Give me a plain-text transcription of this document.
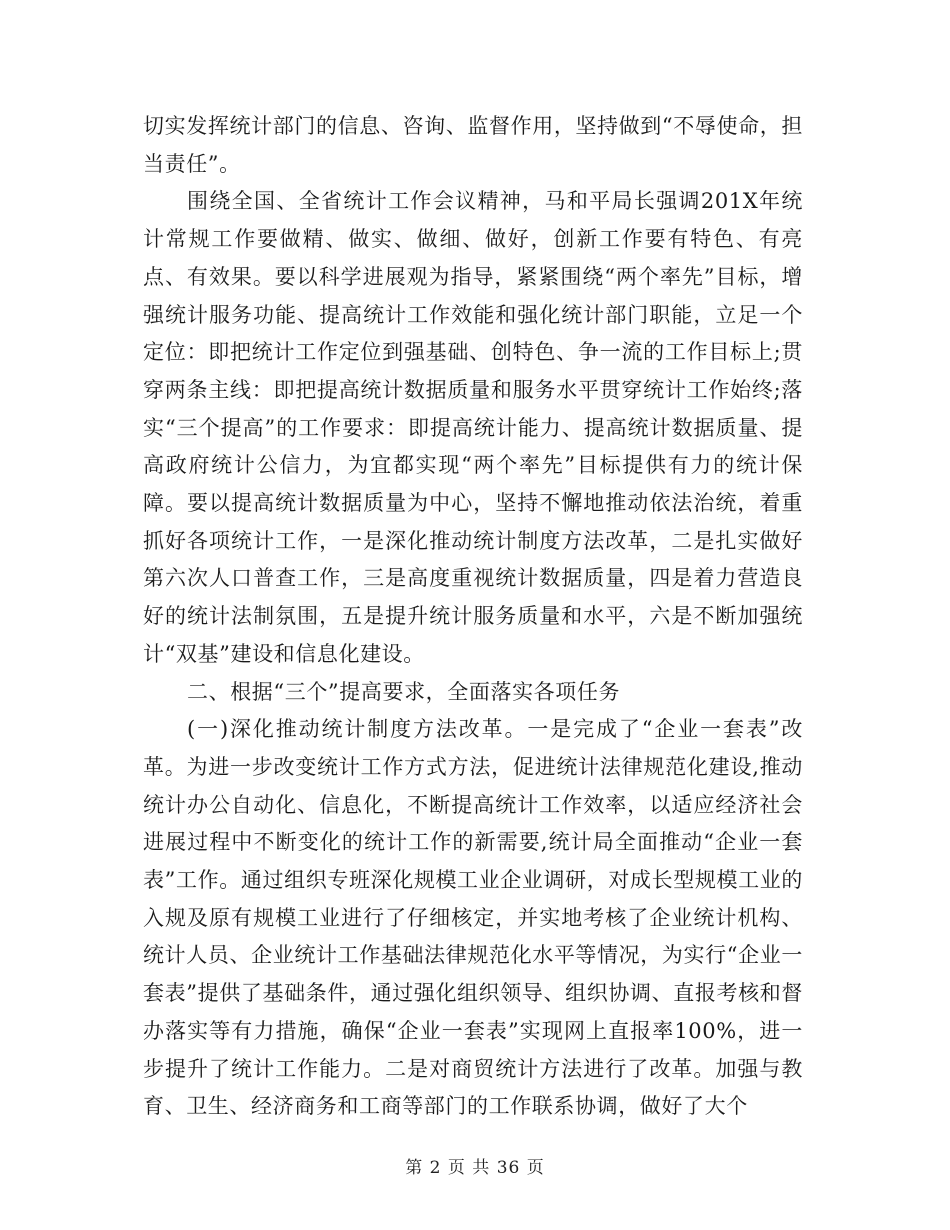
切实发挥统计部门的信息、咨询、监督作用，坚持做到“不辱使命，担当责任”。

围绕全国、全省统计工作会议精神，马和平局长强调201X年统计常规工作要做精、做实、做细、做好，创新工作要有特色、有亮点、有效果。要以科学进展观为指导，紧紧围绕“两个率先”目标，增强统计服务功能、提高统计工作效能和强化统计部门职能，立足一个定位：即把统计工作定位到强基础、创特色、争一流的工作目标上;贯穿两条主线：即把提高统计数据质量和服务水平贯穿统计工作始终;落实“三个提高”的工作要求：即提高统计能力、提高统计数据质量、提高政府统计公信力，为宜都实现“两个率先”目标提供有力的统计保障。要以提高统计数据质量为中心，坚持不懈地推动依法治统，着重抓好各项统计工作，一是深化推动统计制度方法改革，二是扎实做好第六次人口普查工作，三是高度重视统计数据质量，四是着力营造良好的统计法制氛围，五是提升统计服务质量和水平，六是不断加强统计“双基”建设和信息化建设。

二、根据“三个”提高要求，全面落实各项任务

(一)深化推动统计制度方法改革。一是完成了“企业一套表”改革。为进一步改变统计工作方式方法，促进统计法律规范化建设,推动统计办公自动化、信息化，不断提高统计工作效率，以适应经济社会进展过程中不断变化的统计工作的新需要,统计局全面推动“企业一套表”工作。通过组织专班深化规模工业企业调研，对成长型规模工业的入规及原有规模工业进行了仔细核定，并实地考核了企业统计机构、统计人员、企业统计工作基础法律规范化水平等情况，为实行“企业一套表”提供了基础条件，通过强化组织领导、组织协调、直报考核和督办落实等有力措施，确保“企业一套表”实现网上直报率100%，进一步提升了统计工作能力。二是对商贸统计方法进行了改革。加强与教育、卫生、经济商务和工商等部门的工作联系协调，做好了大个

第 2 页 共 36 页
